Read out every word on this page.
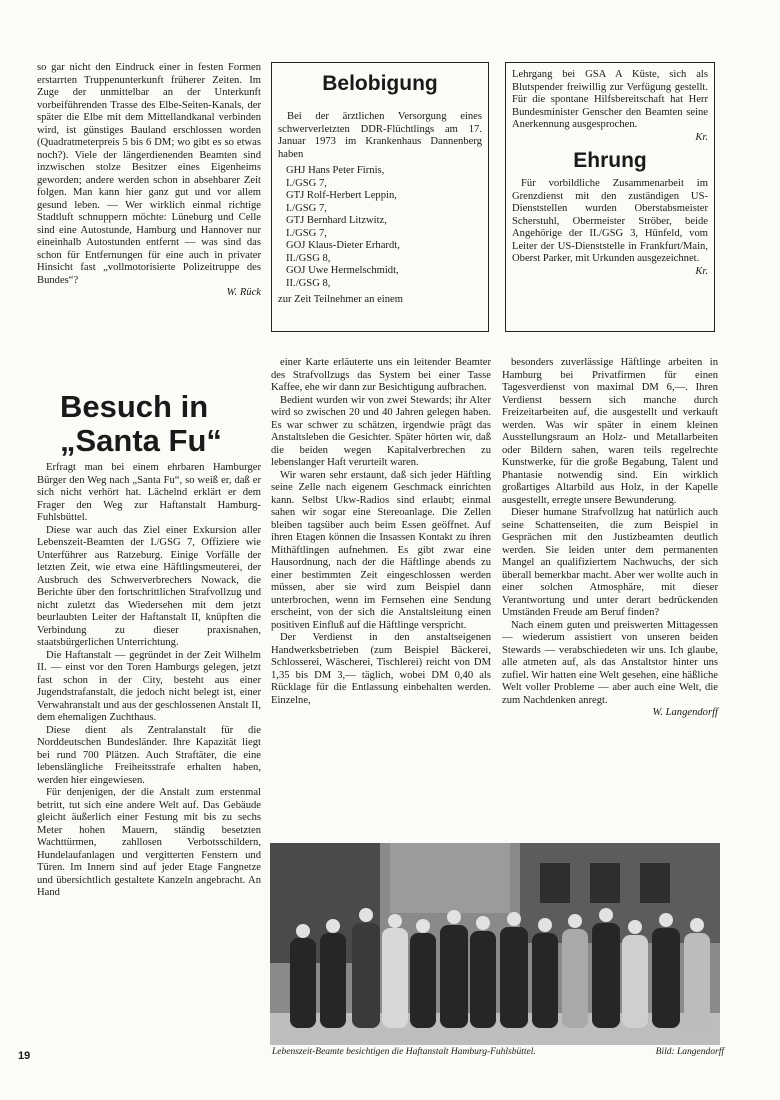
so gar nicht den Eindruck einer in festen Formen erstarrten Truppenunterkunft früherer Zeiten. Im Zuge der unmittelbar an der Unterkunft vorbeiführenden Trasse des Elbe-Seiten-Kanals, der später die Elbe mit dem Mittellandkanal verbinden wird, ist günstiges Bauland erschlossen worden (Quadratmeterpreis 5 bis 6 DM; wo gibt es so etwas noch?). Viele der längerdienenden Beamten sind inzwischen stolze Besitzer eines Eigenheims geworden; andere werden schon in absehbarer Zeit folgen. Man kann hier ganz gut und vor allem gesund leben. — Wer wirklich einmal richtige Stadtluft schnuppern möchte: Lüneburg und Celle sind eine Autostunde, Hamburg und Hannover nur eineinhalb Autostunden entfernt — was sind das schon für Entfernungen für eine auch in privater Hinsicht fast „vollmotorisierte Polizeitruppe des Bundes“?

W. Rück
Belobigung

Bei der ärztlichen Versorgung eines schwerverletzten DDR-Flüchtlings am 17. Januar 1973 im Krankenhaus Dannenberg haben

GHJ Hans Peter Firnis,
I./GSG 7,
GTJ Rolf-Herbert Leppin,
I./GSG 7,
GTJ Bernhard Litzwitz,
I./GSG 7,
GOJ Klaus-Dieter Erhardt,
II./GSG 8,
GOJ Uwe Hermelschmidt,
II./GSG 8,

zur Zeit Teilnehmer an einem

Lehrgang bei GSA A Küste, sich als Blutspender freiwillig zur Verfügung gestellt. Für die spontane Hilfsbereitschaft hat Herr Bundesminister Genscher den Beamten seine Anerkennung ausgesprochen.

Kr.
Ehrung

Für vorbildliche Zusammenarbeit im Grenzdienst mit den zuständigen US-Dienststellen wurden Oberstabsmeister Scherstuhl, Obermeister Ströber, beide Angehörige der II./GSG 3, Hünfeld, vom Leiter der US-Dienststelle in Frankfurt/Main, Oberst Parker, mit Urkunden ausgezeichnet.

Kr.
Besuch in
„Santa Fu“

Erfragt man bei einem ehrbaren Hamburger Bürger den Weg nach „Santa Fu“, so weiß er, daß er sich nicht verhört hat. Lächelnd erklärt er dem Frager den Weg zur Haftanstalt Hamburg-Fuhlsbüttel.

Diese war auch das Ziel einer Exkursion aller Lebenszeit-Beamten der I./GSG 7, Offiziere wie Unterführer aus Ratzeburg. Einige Vorfälle der letzten Zeit, wie etwa eine Häftlingsmeuterei, der Ausbruch des Schwerverbrechers Nowack, die Berichte über den fortschrittlichen Strafvollzug und nicht zuletzt das Wiedersehen mit dem jetzt beurlaubten Leiter der Haftanstalt II, knüpften die Verbindung zu dieser praxisnahen, staatsbürgerlichen Unterrichtung.

Die Haftanstalt — gegründet in der Zeit Wilhelm II. — einst vor den Toren Hamburgs gelegen, jetzt fast schon in der City, besteht aus einer Jugendstrafanstalt, die jedoch nicht belegt ist, einer Verwahranstalt und aus der geschlossenen Anstalt II, dem ehemaligen Zuchthaus.

Diese dient als Zentralanstalt für die Norddeutschen Bundesländer. Ihre Kapazität liegt bei rund 700 Plätzen. Auch Straftäter, die eine lebenslängliche Freiheitsstrafe erhalten haben, werden hier eingewiesen.

Für denjenigen, der die Anstalt zum erstenmal betritt, tut sich eine andere Welt auf. Das Gebäude gleicht äußerlich einer Festung mit bis zu sechs Meter hohen Mauern, ständig besetzten Wachttürmen, zahllosen Verbotsschildern, Hundelaufanlagen und vergitterten Fenstern und Türen. Im Innern sind auf jeder Etage Fangnetze und übersichtlich gestaltete Kanzeln angebracht. An Hand

einer Karte erläuterte uns ein leitender Beamter des Strafvollzugs das System bei einer Tasse Kaffee, ehe wir dann zur Besichtigung aufbrachen.

Bedient wurden wir von zwei Stewards; ihr Alter wird so zwischen 20 und 40 Jahren gelegen haben. Es war schwer zu schätzen, irgendwie prägt das Anstaltsleben die Gesichter. Später hörten wir, daß die beiden wegen Kapitalverbrechen zu lebenslanger Haft verurteilt waren.

Wir waren sehr erstaunt, daß sich jeder Häftling seine Zelle nach eigenem Geschmack einrichten kann. Selbst Ukw-Radios sind erlaubt; einmal sahen wir sogar eine Stereoanlage. Die Zellen bleiben tagsüber auch beim Essen geöffnet. Auf ihren Etagen können die Insassen Kontakt zu ihren Mithäftlingen aufnehmen. Es gibt zwar eine Hausordnung, nach der die Häftlinge abends zu einer bestimmten Zeit eingeschlossen werden müssen, aber sie wird zum Beispiel dann unterbrochen, wenn im Fernsehen eine Sendung erscheint, von der sich die Anstaltsleitung einen positiven Einfluß auf die Häftlinge verspricht.

Der Verdienst in den anstaltseigenen Handwerksbetrieben (zum Beispiel Bäckerei, Schlosserei, Wäscherei, Tischlerei) reicht von DM 1,35 bis DM 3,— täglich, wobei DM 0,40 als Rücklage für die Entlassung einbehalten werden. Einzelne,

besonders zuverlässige Häftlinge arbeiten in Hamburg bei Privatfirmen für einen Tagesverdienst von maximal DM 6,—. Ihren Verdienst bessern sich manche durch Freizeitarbeiten auf, die ausgestellt und verkauft werden. Was wir später in einem kleinen Ausstellungsraum an Holz- und Metallarbeiten oder Bildern sahen, waren teils regelrechte Kunstwerke, für die große Begabung, Talent und Phantasie notwendig sind. Ein wirklich großartiges Altarbild aus Holz, in der Kapelle ausgestellt, erregte unsere Bewunderung.

Dieser humane Strafvollzug hat natürlich auch seine Schattenseiten, die zum Beispiel in Gesprächen mit den Justizbeamten deutlich werden. Sie leiden unter dem permanenten Mangel an qualifiziertem Nachwuchs, der sich überall bemerkbar macht. Aber wer wollte auch in einer solchen Atmosphäre, mit dieser Verantwortung und unter derart bedrückenden Umständen Freude am Beruf finden?

Nach einem guten und preiswerten Mittagessen — wiederum assistiert von unseren beiden Stewards — verabschiedeten wir uns. Ich glaube, alle atmeten auf, als das Anstaltstor hinter uns zufiel. Wir hatten eine Welt gesehen, eine häßliche Welt voller Probleme — aber auch eine Welt, die zum Nachdenken anregt.

W. Langendorff
Lebenszeit-Beamte besichtigen die Haftanstalt Hamburg-Fuhlsbüttel.	Bild: Langendorff
19
